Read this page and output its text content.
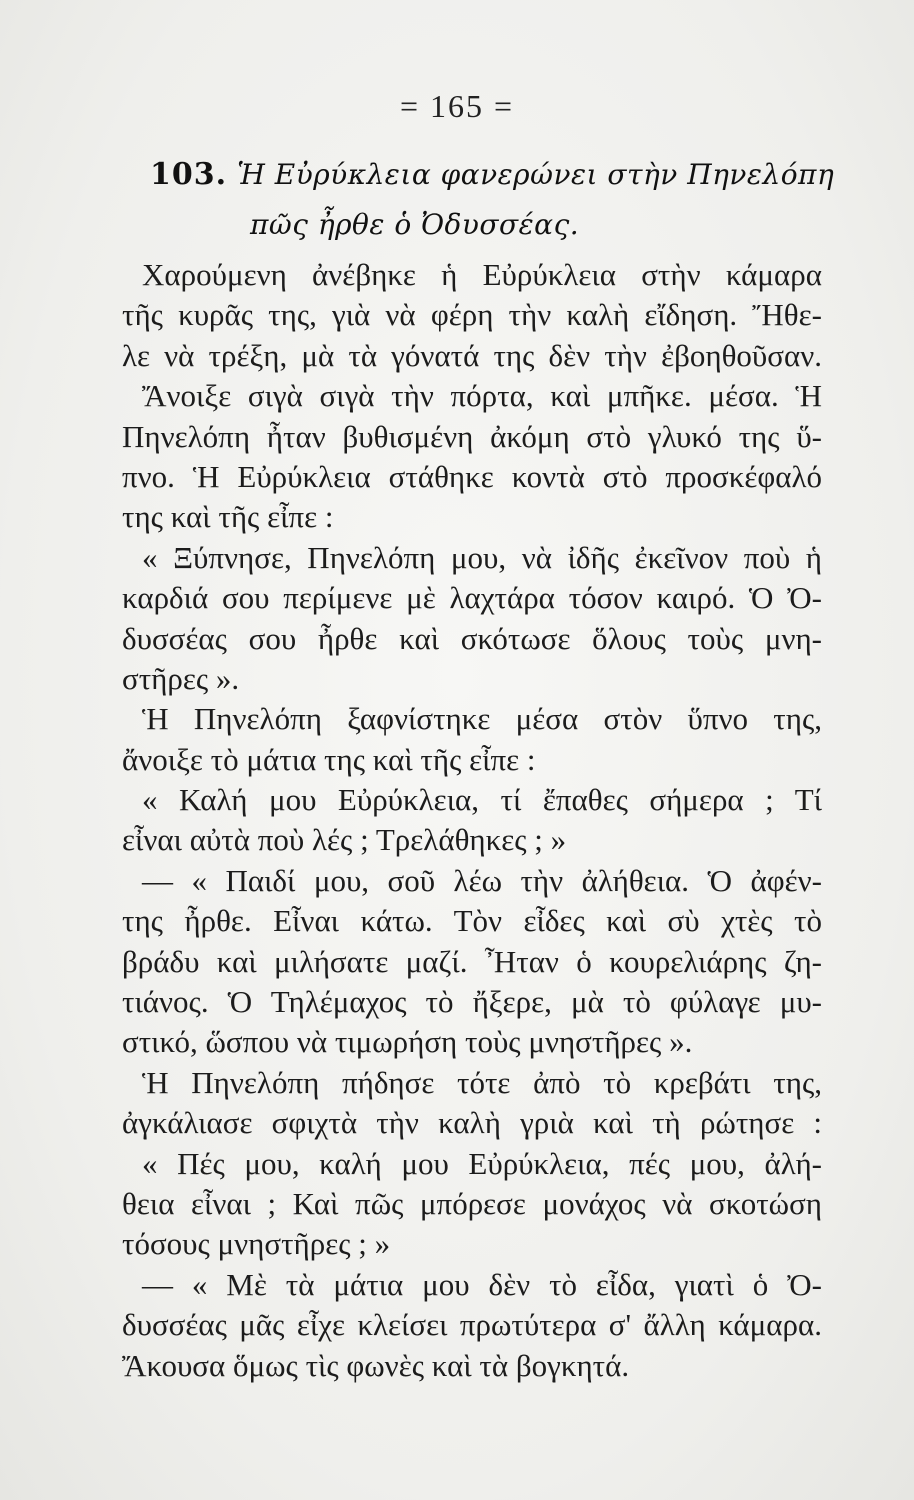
= 165 =
103. Ἡ Εὐρύκλεια φανερώνει στὴν Πηνελόπη
πῶς ἦρθε ὁ Ὀδυσσέας.
Χαρούμενη ἀνέβηκε ἡ Εὐρύκλεια στὴν κάμαρα
τῆς κυρᾶς της, γιὰ νὰ φέρη τὴν καλὴ εἴδηση. Ἤθε-
λε νὰ τρέξη, μὰ τὰ γόνατά της δὲν τὴν ἐβοηθοῦσαν.
Ἄνοιξε σιγὰ σιγὰ τὴν πόρτα, καὶ μπῆκε. μέσα. Ἡ
Πηνελόπη ἦταν βυθισμένη ἀκόμη στὸ γλυκό της ὕ-
πνο. Ἡ Εὐρύκλεια στάθηκε κοντὰ στὸ προσκέφαλό
της καὶ τῆς εἶπε :
« Ξύπνησε, Πηνελόπη μου, νὰ ἰδῆς ἐκεῖνον ποὺ ἡ
καρδιά σου περίμενε μὲ λαχτάρα τόσον καιρό. Ὁ Ὀ-
δυσσέας σου ἦρθε καὶ σκότωσε ὅλους τοὺς μνη-
στῆρες ».
Ἡ Πηνελόπη ξαφνίστηκε μέσα στὸν ὕπνο της,
ἄνοιξε τὸ μάτια της καὶ τῆς εἶπε :
« Καλή μου Εὐρύκλεια, τί ἔπαθες σήμερα ; Τί
εἶναι αὐτὰ ποὺ λές ; Τρελάθηκες ; »
— « Παιδί μου, σοῦ λέω τὴν ἀλήθεια. Ὁ ἀφέν-
της ἦρθε. Εἶναι κάτω. Τὸν εἶδες καὶ σὺ χτὲς τὸ
βράδυ καὶ μιλήσατε μαζί. Ἦταν ὁ κουρελιάρης ζη-
τιάνος. Ὁ Τηλέμαχος τὸ ἤξερε, μὰ τὸ φύλαγε μυ-
στικό, ὥσπου νὰ τιμωρήση τοὺς μνηστῆρες ».
Ἡ Πηνελόπη πήδησε τότε ἀπὸ τὸ κρεβάτι της,
ἀγκάλιασε σφιχτὰ τὴν καλὴ γριὰ καὶ τὴ ρώτησε :
« Πές μου, καλή μου Εὐρύκλεια, πές μου, ἀλή-
θεια εἶναι ; Καὶ πῶς μπόρεσε μονάχος νὰ σκοτώση
τόσους μνηστῆρες ; »
— « Μὲ τὰ μάτια μου δὲν τὸ εἶδα, γιατὶ ὁ Ὀ-
δυσσέας μᾶς εἶχε κλείσει πρωτύτερα σ' ἄλλη κάμαρα.
Ἄκουσα ὅμως τὶς φωνὲς καὶ τὰ βογκητά.
